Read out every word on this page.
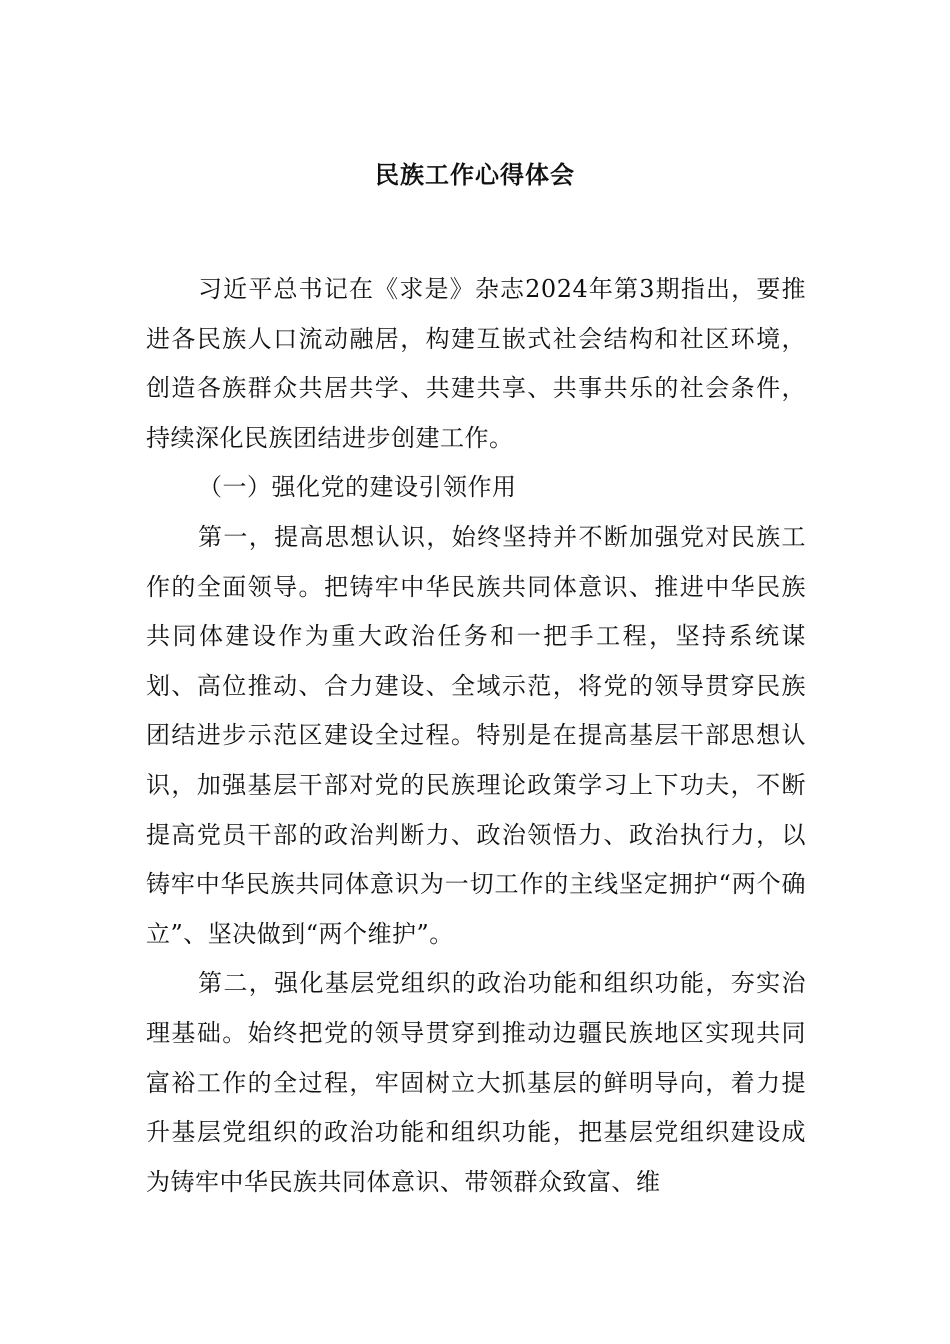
民族工作心得体会

习近平总书记在《求是》杂志2024年第3期指出，要推进各民族人口流动融居，构建互嵌式社会结构和社区环境，创造各族群众共居共学、共建共享、共事共乐的社会条件，持续深化民族团结进步创建工作。

（一）强化党的建设引领作用

第一，提高思想认识，始终坚持并不断加强党对民族工作的全面领导。把铸牢中华民族共同体意识、推进中华民族共同体建设作为重大政治任务和一把手工程，坚持系统谋划、高位推动、合力建设、全域示范，将党的领导贯穿民族团结进步示范区建设全过程。特别是在提高基层干部思想认识，加强基层干部对党的民族理论政策学习上下功夫，不断提高党员干部的政治判断力、政治领悟力、政治执行力，以铸牢中华民族共同体意识为一切工作的主线坚定拥护“两个确立”、坚决做到“两个维护”。

第二，强化基层党组织的政治功能和组织功能，夯实治理基础。始终把党的领导贯穿到推动边疆民族地区实现共同富裕工作的全过程，牢固树立大抓基层的鲜明导向，着力提升基层党组织的政治功能和组织功能，把基层党组织建设成为铸牢中华民族共同体意识、带领群众致富、维
